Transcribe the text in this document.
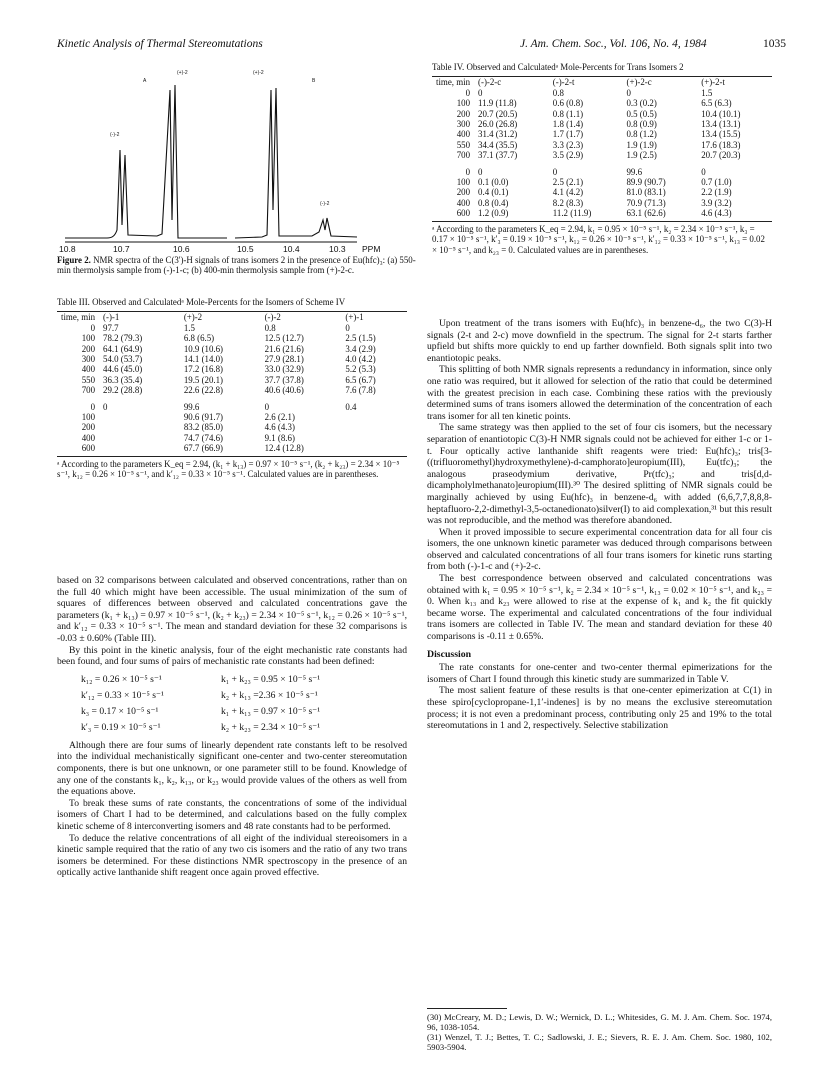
Kinetic Analysis of Thermal Stereomutations	J. Am. Chem. Soc., Vol. 106, No. 4, 1984	1035
A	B
(+)-2
(-)-2
(+)-2
(-)-2
10.8	10.7	10.6	10.5	10.4	10.3 PPM
Figure 2. NMR spectra of the C(3')-H signals of trans isomers 2 in the presence of Eu(hfc)₃: (a) 550-min thermolysis sample from (-)-1-c; (b) 400-min thermolysis sample from (+)-2-c.
Table III. Observed and Calculatedᵃ Mole-Percents for the Isomers of Scheme IV
time, min	(-)-1	(+)-2	(-)-2	(+)-1
0	97.7	1.5	0.8	0
100	78.2 (79.3)	6.8 (6.5)	12.5 (12.7)	2.5 (1.5)
200	64.1 (64.9)	10.9 (10.6)	21.6 (21.6)	3.4 (2.9)
300	54.0 (53.7)	14.1 (14.0)	27.9 (28.1)	4.0 (4.2)
400	44.6 (45.0)	17.2 (16.8)	33.0 (32.9)	5.2 (5.3)
550	36.3 (35.4)	19.5 (20.1)	37.7 (37.8)	6.5 (6.7)
700	29.2 (28.8)	22.6 (22.8)	40.6 (40.6)	7.6 (7.8)

0	0	99.6	0	0.4
100		90.6 (91.7)	2.6 (2.1)	
200		83.2 (85.0)	4.6 (4.3)	
400		74.7 (74.6)	9.1 (8.6)	
600		67.7 (66.9)	12.4 (12.8)	
ᵃ According to the parameters K_eq = 2.94, (k₁ + k₁₃) = 0.97 × 10⁻⁵ s⁻¹, (k₂ + k₂₃) = 2.34 × 10⁻⁵ s⁻¹, k₁₂ = 0.26 × 10⁻⁵ s⁻¹, and k′₁₂ = 0.33 × 10⁻⁵ s⁻¹. Calculated values are in parentheses.

based on 32 comparisons between calculated and observed concentrations, rather than on the full 40 which might have been accessible. The usual minimization of the sum of squares of differences between observed and calculated concentrations gave the parameters (k₁ + k₁₃) = 0.97 × 10⁻⁵ s⁻¹, (k₂ + k₂₃) = 2.34 × 10⁻⁵ s⁻¹, k₁₂ = 0.26 × 10⁻⁵ s⁻¹, and k′₁₂ = 0.33 × 10⁻⁵ s⁻¹. The mean and standard deviation for these 32 comparisons is -0.03 ± 0.60% (Table III).

By this point in the kinetic analysis, four of the eight mechanistic rate constants had been found, and four sums of pairs of mechanistic rate constants had been defined:

k₁₂ = 0.26 × 10⁻⁵ s⁻¹	k₁ + k₂₃ = 0.95 × 10⁻⁵ s⁻¹
k′₁₂ = 0.33 × 10⁻⁵ s⁻¹	k₂ + k₁₃ =2.36 × 10⁻⁵ s⁻¹
k₃ = 0.17 × 10⁻⁵ s⁻¹	k₁ + k₁₃ = 0.97 × 10⁻⁵ s⁻¹
k′₃ = 0.19 × 10⁻⁵ s⁻¹	k₂ + k₂₃ = 2.34 × 10⁻⁵ s⁻¹

Although there are four sums of linearly dependent rate constants left to be resolved into the individual mechanistically significant one-center and two-center stereomutation components, there is but one unknown, or one parameter still to be found. Knowledge of any one of the constants k₁, k₂, k₁₃, or k₂₃ would provide values of the others as well from the equations above.

To break these sums of rate constants, the concentrations of some of the individual isomers of Chart I had to be determined, and calculations based on the fully complex kinetic scheme of 8 interconverting isomers and 48 rate constants had to be performed.

To deduce the relative concentrations of all eight of the individual stereoisomers in a kinetic sample required that the ratio of any two cis isomers and the ratio of any two trans isomers be determined. For these distinctions NMR spectroscopy in the presence of an optically active lanthanide shift reagent once again proved effective.

Table IV. Observed and Calculatedᵃ Mole-Percents for Trans Isomers 2
time, min	(-)-2-c	(-)-2-t	(+)-2-c	(+)-2-t
0	0	0.8	0	1.5
100	11.9 (11.8)	0.6 (0.8)	0.3 (0.2)	6.5 (6.3)
200	20.7 (20.5)	0.8 (1.1)	0.5 (0.5)	10.4 (10.1)
300	26.0 (26.8)	1.8 (1.4)	0.8 (0.9)	13.4 (13.1)
400	31.4 (31.2)	1.7 (1.7)	0.8 (1.2)	13.4 (15.5)
550	34.4 (35.5)	3.3 (2.3)	1.9 (1.9)	17.6 (18.3)
700	37.1 (37.7)	3.5 (2.9)	1.9 (2.5)	20.7 (20.3)

0	0	0	99.6	0
100	0.1 (0.0)	2.5 (2.1)	89.9 (90.7)	0.7 (1.0)
200	0.4 (0.1)	4.1 (4.2)	81.0 (83.1)	2.2 (1.9)
400	0.8 (0.4)	8.2 (8.3)	70.9 (71.3)	3.9 (3.2)
600	1.2 (0.9)	11.2 (11.9)	63.1 (62.6)	4.6 (4.3)
ᵃ According to the parameters K_eq = 2.94, k₁ = 0.95 × 10⁻⁵ s⁻¹, k₂ = 2.34 × 10⁻⁵ s⁻¹, k₃ = 0.17 × 10⁻⁵ s⁻¹, k′₃ = 0.19 × 10⁻⁵ s⁻¹, k₁₂ = 0.26 × 10⁻⁵ s⁻¹, k′₁₂ = 0.33 × 10⁻⁵ s⁻¹, k₁₃ = 0.02 × 10⁻⁵ s⁻¹, and k₂₃ = 0. Calculated values are in parentheses.

Upon treatment of the trans isomers with Eu(hfc)₃ in benzene-d₆, the two C(3)-H signals (2-t and 2-c) move downfield in the spectrum. The signal for 2-t starts farther upfield but shifts more quickly to end up farther downfield. Both signals split into two enantiotopic peaks.

This splitting of both NMR signals represents a redundancy in information, since only one ratio was required, but it allowed for selection of the ratio that could be determined with the greatest precision in each case. Combining these ratios with the previously determined sums of trans isomers allowed the determination of the concentration of each trans isomer for all ten kinetic points.

The same strategy was then applied to the set of four cis isomers, but the necessary separation of enantiotopic C(3)-H NMR signals could not be achieved for either 1-c or 1-t. Four optically active lanthanide shift reagents were tried: Eu(hfc)₃; tris[3-((trifluoromethyl)hydroxymethylene)-d-camphorato]europium(III), Eu(tfc)₃; the analogous praseodymium derivative, Pr(tfc)₃; and tris[d,d-dicampholylmethanato]europium(III).³⁰ The desired splitting of NMR signals could be marginally achieved by using Eu(hfc)₃ in benzene-d₆ with added (6,6,7,7,8,8,8-heptafluoro-2,2-dimethyl-3,5-octanedionato)silver(I) to aid complexation,³¹ but this result was not reproducible, and the method was therefore abandoned.

When it proved impossible to secure experimental concentration data for all four cis isomers, the one unknown kinetic parameter was deduced through comparisons between observed and calculated concentrations of all four trans isomers for kinetic runs starting from both (-)-1-c and (+)-2-c.

The best correspondence between observed and calculated concentrations was obtained with k₁ = 0.95 × 10⁻⁵ s⁻¹, k₂ = 2.34 × 10⁻⁵ s⁻¹, k₁₃ = 0.02 × 10⁻⁵ s⁻¹, and k₂₃ = 0. When k₁₃ and k₂₃ were allowed to rise at the expense of k₁ and k₂ the fit quickly became worse. The experimental and calculated concentrations of the four individual trans isomers are collected in Table IV. The mean and standard deviation for these 40 comparisons is -0.11 ± 0.65%.

Discussion

The rate constants for one-center and two-center thermal epimerizations for the isomers of Chart I found through this kinetic study are summarized in Table V.

The most salient feature of these results is that one-center epimerization at C(1) in these spiro[cyclopropane-1,1′-indenes] is by no means the exclusive stereomutation process; it is not even a predominant process, contributing only 25 and 19% to the total stereomutations in 1 and 2, respectively. Selective stabilization

(30) McCreary, M. D.; Lewis, D. W.; Wernick, D. L.; Whitesides, G. M. J. Am. Chem. Soc. 1974, 96, 1038-1054.
(31) Wenzel, T. J.; Bettes, T. C.; Sadlowski, J. E.; Sievers, R. E. J. Am. Chem. Soc. 1980, 102, 5903-5904.
